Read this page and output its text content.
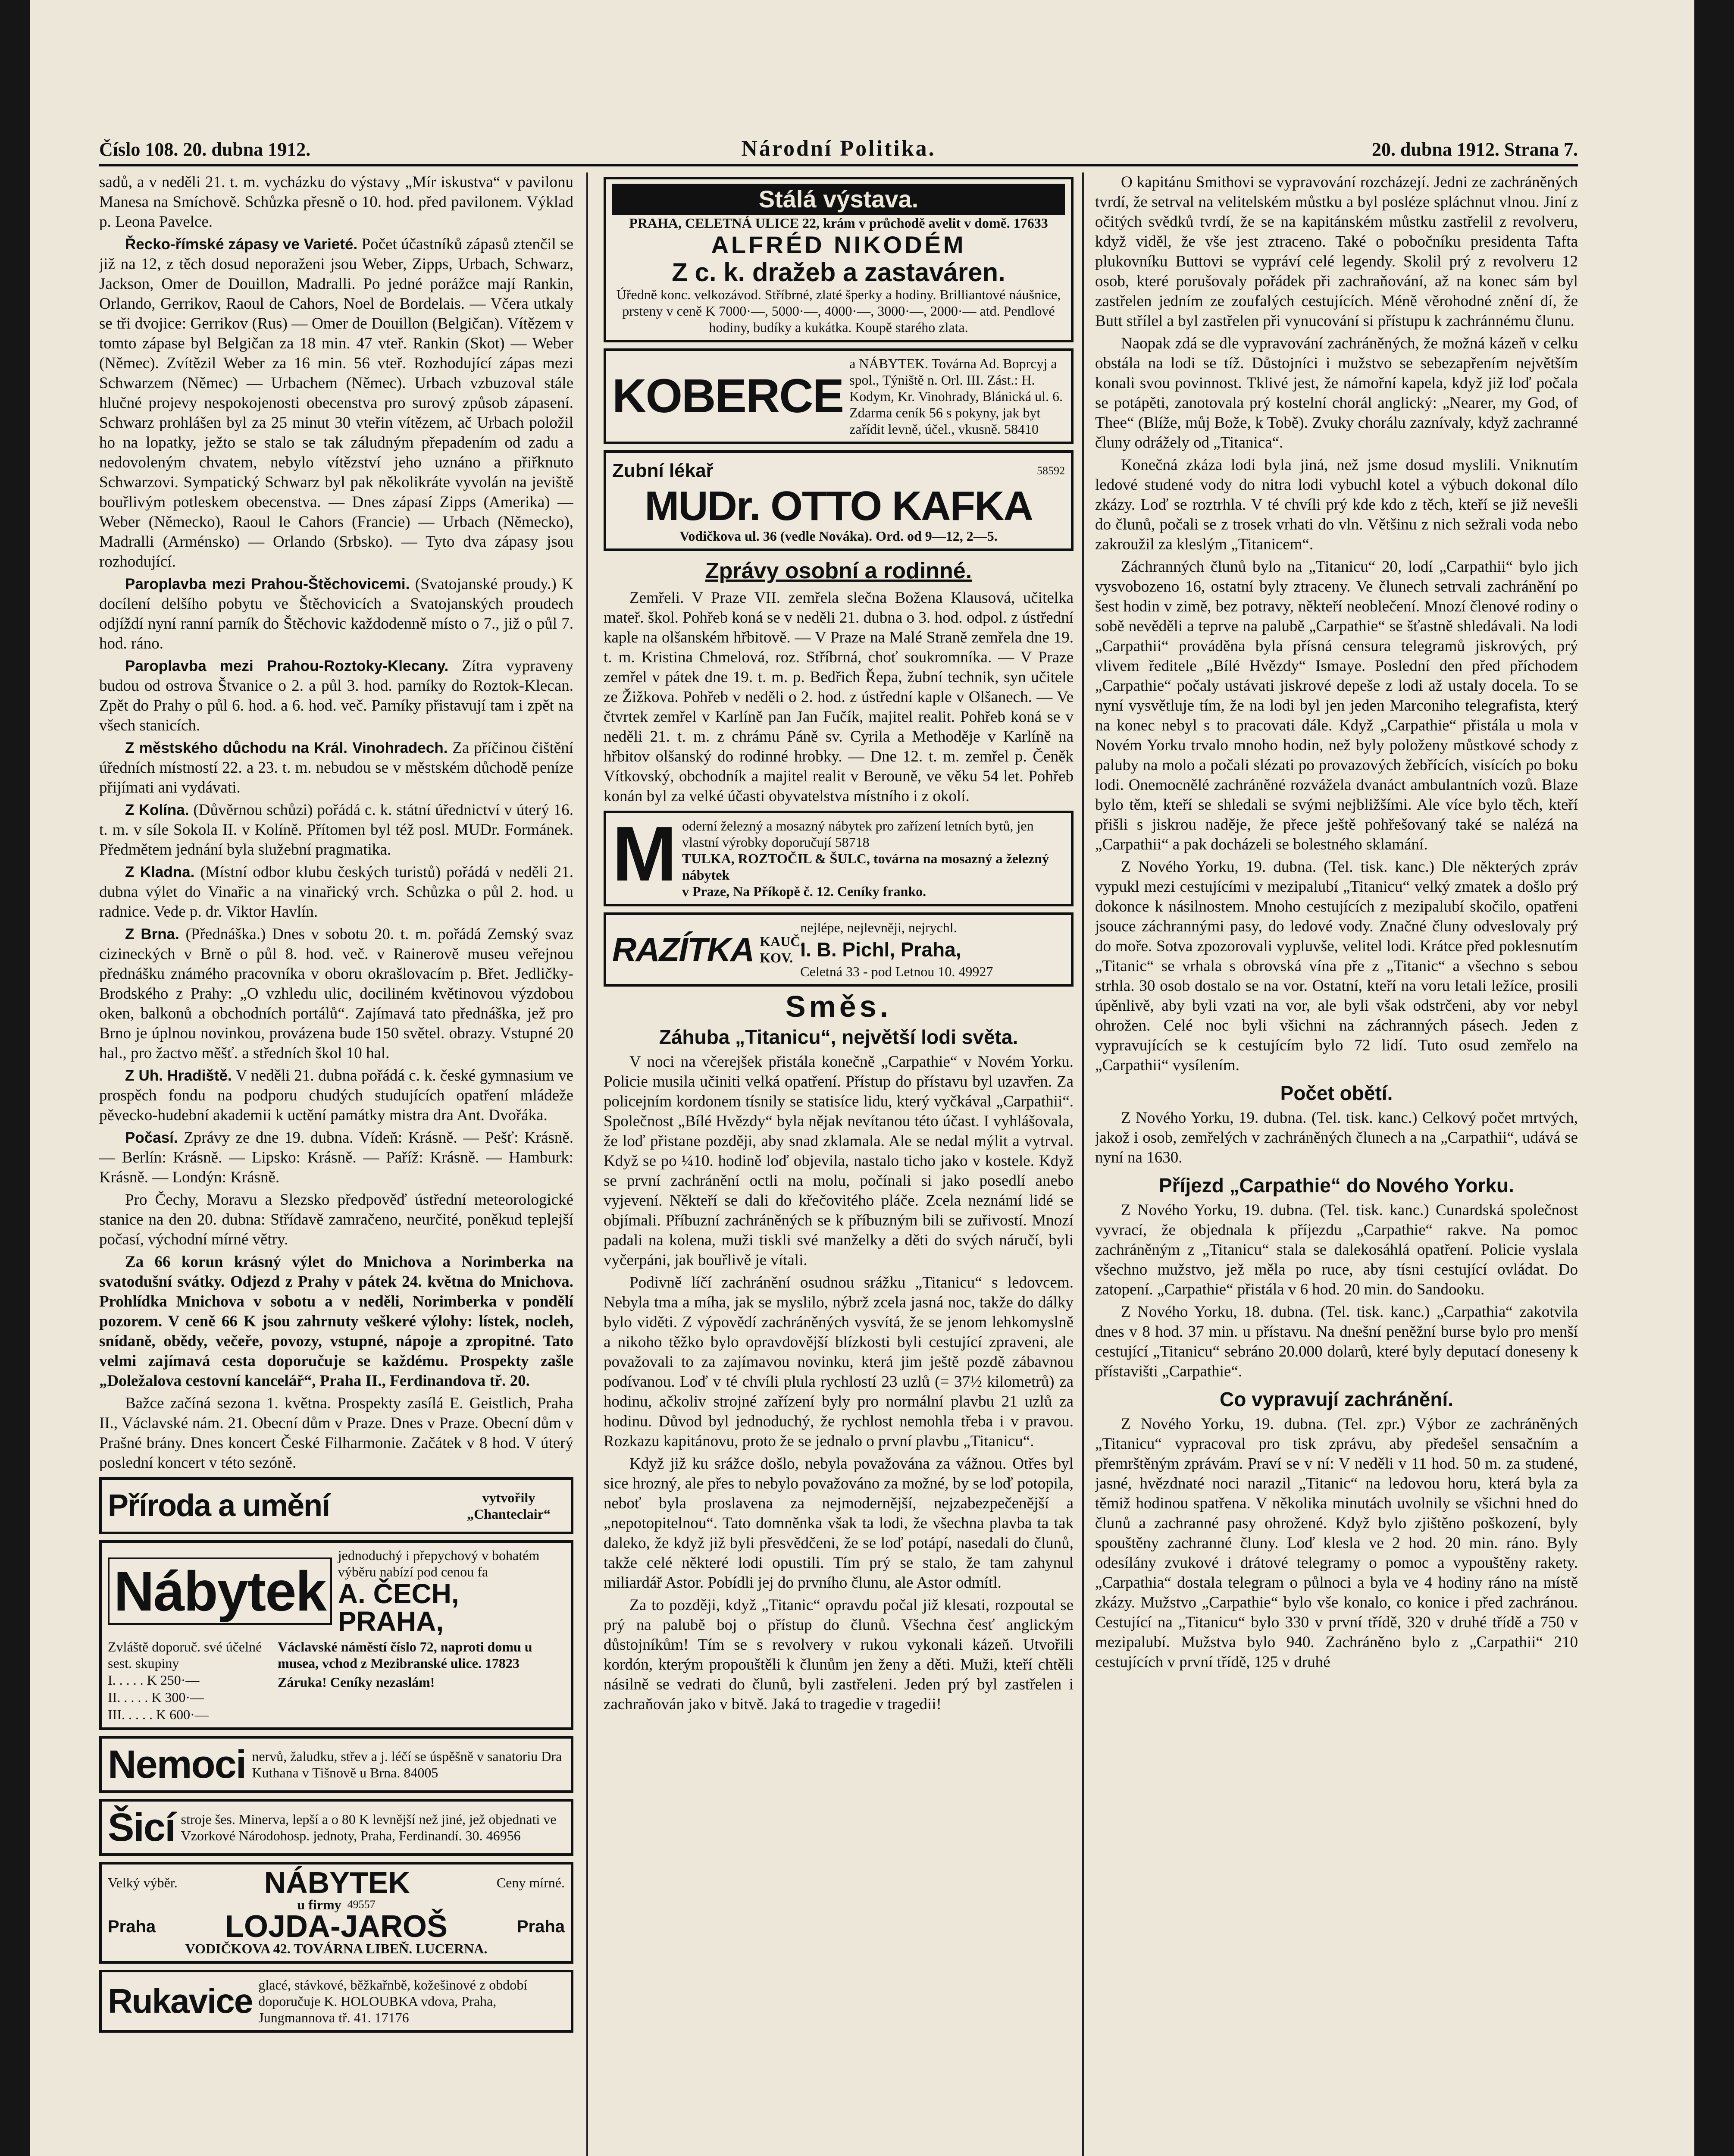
Číslo 108. 20. dubna 1912.	Národní Politika.	20. dubna 1912. Strana 7.

sadů, a v neděli 21. t. m. vycházku do výstavy „Mír iskustva“ v pavilonu Manesa na Smíchově. Schůzka přesně o 10. hod. před pavilonem. Výklad p. Leona Pavelce.

Řecko-římské zápasy ve Varieté. Počet účastníků zápasů ztenčil se již na 12, z těch dosud neporaženi jsou Weber, Zipps, Urbach, Schwarz, Jackson, Omer de Douillon, Madralli. Po jedné porážce mají Rankin, Orlando, Gerrikov, Raoul de Cahors, Noel de Bordelais. — Včera utkaly se tři dvojice: Gerrikov (Rus) — Omer de Douillon (Belgičan). Vítězem v tomto zápase byl Belgičan za 18 min. 47 vteř. Rankin (Skot) — Weber (Němec). Zvítězil Weber za 16 min. 56 vteř. Rozhodující zápas mezi Schwarzem (Němec) — Urbachem (Němec). Urbach vzbuzoval stále hlučné projevy nespokojenosti obecenstva pro surový způsob zápasení. Schwarz prohlášen byl za 25 minut 30 vteřin vítězem, ač Urbach položil ho na lopatky, ježto se stalo se tak záludným přepadením od zadu a nedovoleným chvatem, nebylo vítězství jeho uznáno a přiřknuto Schwarzovi. Sympatický Schwarz byl pak několikráte vyvolán na jeviště bouřlivým potleskem obecenstva. — Dnes zápasí Zipps (Amerika) — Weber (Německo), Raoul le Cahors (Francie) — Urbach (Německo), Madralli (Arménsko) — Orlando (Srbsko). — Tyto dva zápasy jsou rozhodující.

Paroplavba mezi Prahou-Štěchovicemi. (Svatojanské proudy.) K docílení delšího pobytu ve Štěchovicích a Svatojanských proudech odjíždí nyní ranní parník do Štěchovic každodenně místo o 7., již o půl 7. hod. ráno.

Paroplavba mezi Prahou-Roztoky-Klecany. Zítra vypraveny budou od ostrova Štvanice o 2. a půl 3. hod. parníky do Roztok-Klecan. Zpět do Prahy o půl 6. hod. a 6. hod. več. Parníky přistavují tam i zpět na všech stanicích.

Z městského důchodu na Král. Vinohradech. Za příčinou čištění úředních místností 22. a 23. t. m. nebudou se v městském důchodě peníze přijímati ani vydávati.

Z Kolína. (Důvěrnou schůzi) pořádá c. k. státní úřednictví v úterý 16. t. m. v síle Sokola II. v Kolíně. Přítomen byl též posl. MUDr. Formánek. Předmětem jednání byla služební pragmatika.

Z Kladna. (Místní odbor klubu českých turistů) pořádá v neděli 21. dubna výlet do Vinařic a na vinařický vrch. Schůzka o půl 2. hod. u radnice. Vede p. dr. Viktor Havlín.

Z Brna. (Přednáška.) Dnes v sobotu 20. t. m. pořádá Zemský svaz cizineckých v Brně o půl 8. hod. več. v Rainerově museu veřejnou přednášku známého pracovníka v oboru okrašlovacím p. Břet. Jedličky-Brodského z Prahy: „O vzhledu ulic, dociliném květinovou výzdobou oken, balkonů a obchodních portálů“. Zajímavá tato přednáška, jež pro Brno je úplnou novinkou, provázena bude 150 světel. obrazy. Vstupné 20 hal., pro žactvo měšť. a středních škol 10 hal.

Z Uh. Hradiště. V neděli 21. dubna pořádá c. k. české gymnasium ve prospěch fondu na podporu chudých studujících opatření mládeže pěvecko-hudební akademii k uctění památky mistra dra Ant. Dvořáka.

Počasí. Zprávy ze dne 19. dubna. Vídeň: Krásně. — Pešť: Krásně. — Berlín: Krásně. — Lipsko: Krásně. — Paříž: Krásně. — Hamburk: Krásně. — Londýn: Krásně.

Pro Čechy, Moravu a Slezsko předpověď ústřední meteorologické stanice na den 20. dubna: Střídavě zamračeno, neurčité, poněkud teplejší počasí, východní mírné větry.

Za 66 korun krásný výlet do Mnichova a Norimberka na svatodušní svátky. Odjezd z Prahy v pátek 24. května do Mnichova. Prohlídka Mnichova v sobotu a v neděli, Norimberka v pondělí pozorem. V ceně 66 K jsou zahrnuty veškeré výlohy: lístek, nocleh, snídaně, obědy, večeře, povozy, vstupné, nápoje a zpropitné. Tato velmi zajímavá cesta doporučuje se každému. Prospekty zašle „Doležalova cestovní kancelář“, Praha II., Ferdinandova tř. 20.

Bažce začíná sezona 1. května. Prospekty zasílá E. Geistlich, Praha II., Václavské nám. 21. Obecní dům v Praze. Dnes v Praze. Obecní dům v Prašné brány. Dnes koncert České Filharmonie. Začátek v 8 hod. V úterý poslední koncert v této sezóně.

Příroda a umění	vytvořily „Chanteclair“
Nábytek
jednoduchý i přepychový v bohatém výběru nabízí pod cenou fa
A. ČECH, PRAHA,
Zvláště doporuč. své účelné sest. skupiny
I. . . . . K 250·—
II. . . . . K 300·—
III. . . . . K 600·—
Václavské náměstí číslo 72, naproti domu u musea, vchod z Mezibranské ulice. 17823
Záruka! Ceníky nezaslám!
Nemoci nervů, žaludku, střev a j. léčí se úspěšně v sanatoriu Dra Kuthana v Tišnově u Brna. 84005
Šicí stroje šes. Minerva, lepší a o 80 K levnější než jiné, jež objednati ve Vzorkové Národohosp. jednoty, Praha, Ferdinandí. 30. 46956
Velký výběr.	NÁBYTEK	Ceny mírné.
u firmy 49557
Praha LOJDA-JAROŠ	Praha
VODIČKOVA 42. TOVÁRNA LIBEŇ. LUCERNA.
Rukavice glacé, stávkové, běžkařnbě, kožešinové z období doporučuje K. HOLOUBKA vdova, Praha, Jungmannova tř. 41. 17176
Stálá výstava.
PRAHA, CELETNÁ ULICE 22, krám v průchodě avelit v domě. 17633
ALFRÉD NIKODÉM
Z c. k. dražeb a zastaváren.
Úředně konc. velkozávod. Stříbrné, zlaté šperky a hodiny. Brilliantové náušnice, prsteny v ceně K 7000·—, 5000·—, 4000·—, 3000·—, 2000·— atd. Pendlové hodiny, budíky a kukátka. Koupě starého zlata.
KOBERCE
a NÁBYTEK. Továrna Ad. Boprcyj a spol., Týniště n. Orl. III. Zást.: H. Kodym, Kr. Vinohrady, Blánická ul. 6. Zdarma ceník 56 s pokyny, jak byt zařídit levně, účel., vkusně. 58410
Zubní lékař	58592
MUDr. OTTO KAFKA
Vodičkova ul. 36 (vedle Nováka). Ord. od 9—12, 2—5.
Zprávy osobní a rodinné.

Zemřeli. V Praze VII. zemřela slečna Božena Klausová, učitelka mateř. škol. Pohřeb koná se v neděli 21. dubna o 3. hod. odpol. z ústřední kaple na olšanském hřbitově. — V Praze na Malé Straně zemřela dne 19. t. m. Kristina Chmelová, roz. Stříbrná, choť soukromníka. — V Praze zemřel v pátek dne 19. t. m. p. Bedřich Řepa, žubní technik, syn učitele ze Žižkova. Pohřeb v neděli o 2. hod. z ústřední kaple v Olšanech. — Ve čtvrtek zemřel v Karlíně pan Jan Fučík, majitel realit. Pohřeb koná se v neděli 21. t. m. z chrámu Páně sv. Cyrila a Methoděje v Karlíně na hřbitov olšanský do rodinné hrobky. — Dne 12. t. m. zemřel p. Čeněk Vítkovský, obchodník a majitel realit v Berouně, ve věku 54 let. Pohřeb konán byl za velké účasti obyvatelstva místního i z okolí.

M oderní železný a mosazný nábytek pro zařízení letních bytů, jen vlastní výrobky doporučují 58718
TULKA, ROZTOČIL & ŠULC, továrna na mosazný a železný nábytek
v Praze, Na Příkopě č. 12. Ceníky franko.
RAZÍTKA KAUČ. KOV.
nejlépe, nejlevněji, nejrychl.
I. B. Pichl, Praha,
Celetná 33 - pod Letnou 10. 49927
Směs.
Záhuba „Titanicu“, největší lodi světa.

V noci na včerejšek přistála konečně „Carpathie“ v Novém Yorku. Policie musila učiniti velká opatření. Přístup do přístavu byl uzavřen. Za policejním kordonem tísnily se statisíce lidu, který vyčkával „Carpathii“. Společnost „Bílé Hvězdy“ byla nějak nevítanou této účast. I vyhlášovala, že loď přistane později, aby snad zklamala. Ale se nedal mýlit a vytrval. Když se po ¼10. hodině loď objevila, nastalo ticho jako v kostele. Když se první zachránění octli na molu, počínali si jako posedlí anebo vyjevení. Někteří se dali do křečovitého pláče. Zcela neznámí lidé se objímali. Příbuzní zachráněných se k příbuzným bili se zuřivostí. Mnozí padali na kolena, muži tiskli své manželky a děti do svých náručí, byli vyčerpáni, jak bouřlivě je vítali.

Podivně líčí zachránění osudnou srážku „Titanicu“ s ledovcem. Nebyla tma a míha, jak se myslilo, nýbrž zcela jasná noc, takže do dálky bylo viděti. Z výpovědí zachráněných vysvítá, že se jenom lehkomyslně a nikoho těžko bylo opravdovější blízkosti byli cestující zpraveni, ale považovali to za zajímavou novinku, která jim ještě pozdě zábavnou podívanou. Loď v té chvíli plula rychlostí 23 uzlů (= 37½ kilometrů) za hodinu, ačkoliv strojné zařízení byly pro normální plavbu 21 uzlů za hodinu. Důvod byl jednoduchý, že rychlost nemohla třeba i v pravou. Rozkazu kapitánovu, proto že se jednalo o první plavbu „Titanicu“.

Když již ku srážce došlo, nebyla považována za vážnou. Otřes byl sice hrozný, ale přes to nebylo považováno za možné, by se loď potopila, neboť byla proslavena za nejmodernější, nejzabezpečenější a „nepotopitelnou“. Tato domněnka však ta lodi, že všechna plavba ta tak daleko, že když již byli přesvědčeni, že se loď potápí, nasedali do člunů, takže celé některé lodi opustili. Tím prý se stalo, že tam zahynul miliardář Astor. Pobídli jej do prvního člunu, ale Astor odmítl.

Za to později, když „Titanic“ opravdu počal již klesati, rozpoutal se prý na palubě boj o přístup do člunů. Všechna česť anglickým důstojníkům! Tím se s revolvery v rukou vykonali kázeň. Utvořili kordón, kterým propouštěli k člunům jen ženy a děti. Muži, kteří chtěli násilně se vedrati do člunů, byli zastřeleni. Jeden prý byl zastřelen i zachraňován jako v bitvě. Jaká to tragedie v tragedii!

O kapitánu Smithovi se vypravování rozcházejí. Jedni ze zachráněných tvrdí, že setrval na velitelském můstku a byl posléze spláchnut vlnou. Jiní z očitých svědků tvrdí, že se na kapitánském můstku zastřelil z revolveru, když viděl, že vše jest ztraceno. Také o pobočníku presidenta Tafta plukovníku Buttovi se vypráví celé legendy. Skolil prý z revolveru 12 osob, které porušovaly pořádek při zachraňování, až na konec sám byl zastřelen jedním ze zoufalých cestujících. Méně věrohodné znění dí, že Butt střílel a byl zastřelen při vynucování si přístupu k zachránnému člunu.

Naopak zdá se dle vypravování zachráněných, že možná kázeň v celku obstála na lodi se tíž. Důstojníci i mužstvo se sebezapřením největším konali svou povinnost. Tklivé jest, že námořní kapela, když již loď počala se potápěti, zanotovala prý kostelní chorál anglický: „Nearer, my God, of Thee“ (Blíže, můj Bože, k Tobě). Zvuky chorálu zaznívaly, když zachranné čluny odrážely od „Titanica“.

Konečná zkáza lodi byla jiná, než jsme dosud myslili. Vniknutím ledové studené vody do nitra lodi vybuchl kotel a výbuch dokonal dílo zkázy. Loď se roztrhla. V té chvíli prý kde kdo z těch, kteří se již nevešli do člunů, počali se z trosek vrhati do vln. Většinu z nich sežrali voda nebo zakroužil za kleslým „Titanicem“.

Záchranných člunů bylo na „Titanicu“ 20, lodí „Carpathii“ bylo jich vysvobozeno 16, ostatní byly ztraceny. Ve člunech setrvali zachránění po šest hodin v zimě, bez potravy, někteří neoblečení. Mnozí členové rodiny o sobě nevěděli a teprve na palubě „Carpathie“ se šťastně shledávali. Na lodi „Carpathii“ prováděna byla přísná censura telegramů jiskrových, prý vlivem ředitele „Bílé Hvězdy“ Ismaye. Poslední den před příchodem „Carpathie“ počaly ustávati jiskrové depeše z lodi až ustaly docela. To se nyní vysvětluje tím, že na lodi byl jen jeden Marconiho telegrafista, který na konec nebyl s to pracovati dále. Když „Carpathie“ přistála u mola v Novém Yorku trvalo mnoho hodin, než byly položeny můstkové schody z paluby na molo a počali slézati po provazových žebřících, visících po boku lodi. Onemocnělé zachráněné rozvážela dvanáct ambulantních vozů. Blaze bylo těm, kteří se shledali se svými nejbližšími. Ale více bylo těch, kteří přišli s jiskrou naděje, že přece ještě pohřešovaný také se nalézá na „Carpathii“ a pak docházeli se bolestného sklamání.

Z Nového Yorku, 19. dubna. (Tel. tisk. kanc.) Dle některých zpráv vypukl mezi cestujícími v mezipalubí „Titanicu“ velký zmatek a došlo prý dokonce k násilnostem. Mnoho cestujících z mezipalubí skočilo, opatřeni jsouce záchrannými pasy, do ledové vody. Značné čluny odveslovaly prý do moře. Sotva zpozorovali vypluvše, velitel lodi. Krátce před poklesnutím „Titanic“ se vrhala s obrovská vína pře z „Titanic“ a všechno s sebou strhla. 30 osob dostalo se na vor. Ostatní, kteří na voru letali ležíce, prosili úpěnlivě, aby byli vzati na vor, ale byli však odstrčeni, aby vor nebyl ohrožen. Celé noc byli všichni na záchranných pásech. Jeden z vypravujících se k cestujícím bylo 72 lidí. Tuto osud zemřelo na „Carpathii“ vysílením.

Počet obětí.

Z Nového Yorku, 19. dubna. (Tel. tisk. kanc.) Celkový počet mrtvých, jakož i osob, zemřelých v zachráněných člunech a na „Carpathii“, udává se nyní na 1630.

Příjezd „Carpathie“ do Nového Yorku.

Z Nového Yorku, 19. dubna. (Tel. tisk. kanc.) Cunardská společnost vyvrací, že objednala k příjezdu „Carpathie“ rakve. Na pomoc zachráněným z „Titanicu“ stala se dalekosáhlá opatření. Policie vyslala všechno mužstvo, jež měla po ruce, aby tísni cestující ovládat. Do zatopení. „Carpathie“ přistála v 6 hod. 20 min. do Sandooku.

Z Nového Yorku, 18. dubna. (Tel. tisk. kanc.) „Carpathia“ zakotvila dnes v 8 hod. 37 min. u přístavu. Na dnešní peněžní burse bylo pro menší cestující „Titanicu“ sebráno 20.000 dolarů, které byly deputací doneseny k přístavišti „Carpathie“.

Co vypravují zachránění.

Z Nového Yorku, 19. dubna. (Tel. zpr.) Výbor ze zachráněných „Titanicu“ vypracoval pro tisk zprávu, aby předešel sensačním a přemrštěným zprávám. Praví se v ní: V neděli v 11 hod. 50 m. za studené, jasné, hvězdnaté noci narazil „Titanic“ na ledovou horu, která byla za těmiž hodinou spatřena. V několika minutách uvolnily se všichni hned do člunů a zachranné pasy ohrožené. Když bylo zjištěno poškození, byly spouštěny zachranné čluny. Loď klesla ve 2 hod. 20 min. ráno. Byly odesílány zvukové i drátové telegramy o pomoc a vypouštěny rakety. „Carpathia“ dostala telegram o půlnoci a byla ve 4 hodiny ráno na místě zkázy. Mužstvo „Carpathie“ bylo vše konalo, co konice i před zachránou. Cestující na „Titanicu“ bylo 330 v první třídě, 320 v druhé třídě a 750 v mezipalubí. Mužstva bylo 940. Zachráněno bylo z „Carpathii“ 210 cestujících v první třídě, 125 v druhé
